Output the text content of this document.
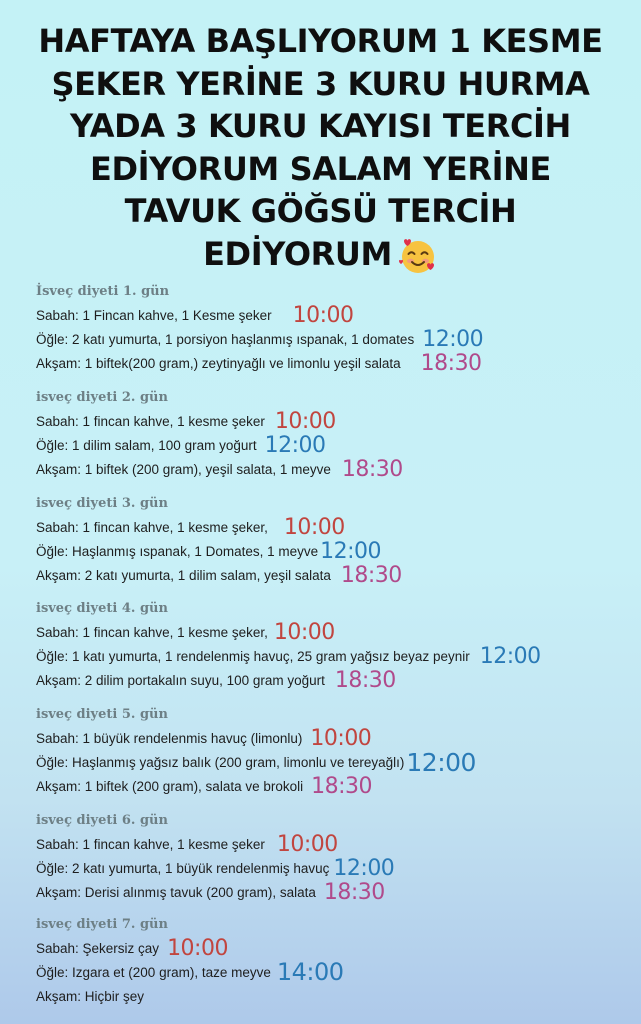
HAFTAYA BAŞLIYORUM 1 KESME
ŞEKER YERİNE 3 KURU HURMA
YADA 3 KURU KAYISI TERCİH
EDİYORUM SALAM YERİNE
TAVUK GÖĞSÜ TERCİH
EDİYORUM
İsveç diyeti 1. gün
Sabah: 1 Fincan kahve, 1 Kesme şeker 10:00
Öğle: 2 katı yumurta, 1 porsiyon haşlanmış ıspanak, 1 domates 12:00
Akşam: 1 biftek(200 gram,) zeytinyağlı ve limonlu yeşil salata 18:30
isveç diyeti 2. gün
Sabah: 1 fincan kahve, 1 kesme şeker 10:00
Öğle: 1 dilim salam, 100 gram yoğurt 12:00
Akşam: 1 biftek (200 gram), yeşil salata, 1 meyve 18:30
isveç diyeti 3. gün
Sabah: 1 fincan kahve, 1 kesme şeker, 10:00
Öğle: Haşlanmış ıspanak, 1 Domates, 1 meyve 12:00
Akşam: 2 katı yumurta, 1 dilim salam, yeşil salata 18:30
isveç diyeti 4. gün
Sabah: 1 fincan kahve, 1 kesme şeker, 10:00
Öğle: 1 katı yumurta, 1 rendelenmiş havuç, 25 gram yağsız beyaz peynir 12:00
Akşam: 2 dilim portakalın suyu, 100 gram yoğurt 18:30
isveç diyeti 5. gün
Sabah: 1 büyük rendelenmis havuç (limonlu) 10:00
Öğle: Haşlanmış yağsız balık (200 gram, limonlu ve tereyağlı) 12:00
Akşam: 1 biftek (200 gram), salata ve brokoli 18:30
isveç diyeti 6. gün
Sabah: 1 fincan kahve, 1 kesme şeker 10:00
Öğle: 2 katı yumurta, 1 büyük rendelenmiş havuç 12:00
Akşam: Derisi alınmış tavuk (200 gram), salata 18:30
isveç diyeti 7. gün
Sabah: Şekersiz çay 10:00
Öğle: Izgara et (200 gram), taze meyve 14:00
Akşam: Hiçbir şey
